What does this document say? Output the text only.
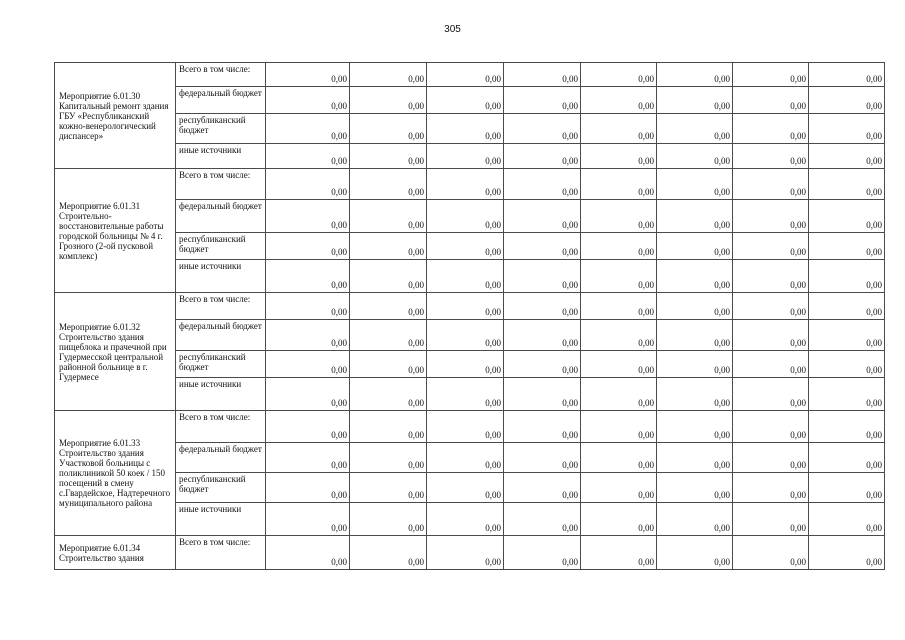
305
Мероприятие 6.01.30 Капитальный ремонт здания ГБУ «Республиканский кожно-венерологический диспансер»	Всего в том числе:	0,00	0,00	0,00	0,00	0,00	0,00	0,00	0,00
	федеральный бюджет	0,00	0,00	0,00	0,00	0,00	0,00	0,00	0,00
	республиканский бюджет	0,00	0,00	0,00	0,00	0,00	0,00	0,00	0,00
	иные источники	0,00	0,00	0,00	0,00	0,00	0,00	0,00	0,00
Мероприятие 6.01.31 Строительно-восстановительные работы городской больницы № 4 г. Грозного (2-ой пусковой комплекс)	Всего в том числе:	0,00	0,00	0,00	0,00	0,00	0,00	0,00	0,00
	федеральный бюджет	0,00	0,00	0,00	0,00	0,00	0,00	0,00	0,00
	республиканский бюджет	0,00	0,00	0,00	0,00	0,00	0,00	0,00	0,00
	иные источники	0,00	0,00	0,00	0,00	0,00	0,00	0,00	0,00
Мероприятие 6.01.32 Строительство здания пищеблока и прачечной при Гудермесской центральной районной больнице в г. Гудермесе	Всего в том числе:	0,00	0,00	0,00	0,00	0,00	0,00	0,00	0,00
	федеральный бюджет	0,00	0,00	0,00	0,00	0,00	0,00	0,00	0,00
	республиканский бюджет	0,00	0,00	0,00	0,00	0,00	0,00	0,00	0,00
	иные источники	0,00	0,00	0,00	0,00	0,00	0,00	0,00	0,00
Мероприятие 6.01.33 Строительство здания Участковой больницы с поликлиникой 50 коек / 150 посещений в смену с.Гвардейское, Надтеречного муниципального района	Всего в том числе:	0,00	0,00	0,00	0,00	0,00	0,00	0,00	0,00
	федеральный бюджет	0,00	0,00	0,00	0,00	0,00	0,00	0,00	0,00
	республиканский бюджет	0,00	0,00	0,00	0,00	0,00	0,00	0,00	0,00
	иные источники	0,00	0,00	0,00	0,00	0,00	0,00	0,00	0,00
Мероприятие 6.01.34 Строительство здания	Всего в том числе:	0,00	0,00	0,00	0,00	0,00	0,00	0,00	0,00
